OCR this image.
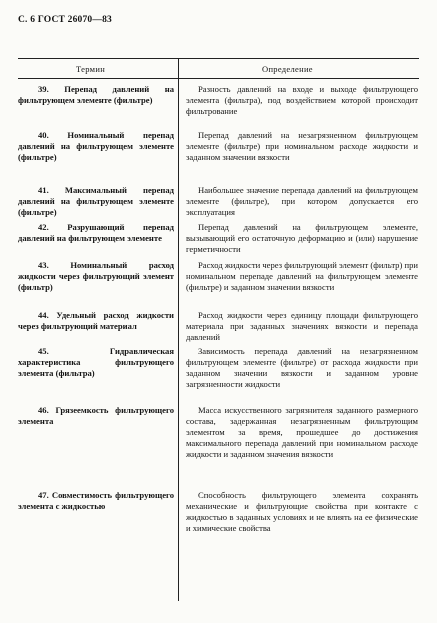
С. 6 ГОСТ 26070—83
Термин	Определение
39. Перепад давлений на фильтрующем элементе (фильтре)
Разность давлений на входе и выходе фильтрующего элемента (фильтра), под воздействием которой происходит фильтрование
40. Номинальный перепад давлений на фильтрующем элементе (фильтре)
Перепад давлений на незагрязненном фильтрующем элементе (фильтре) при номинальном расходе жидкости и заданном значении вязкости
41. Максимальный перепад давлений на фильтрующем элементе (фильтре)
Наибольшее значение перепада давлений на фильтрующем элементе (фильтре), при котором допускается его эксплуатация
42. Разрушающий перепад давлений на фильтрующем элементе
Перепад давлений на фильтрующем элементе, вызывающий его остаточную деформацию и (или) нарушение герметичности
43. Номинальный расход жидкости через фильтрующий элемент (фильтр)
Расход жидкости через фильтрующий элемент (фильтр) при номинальном перепаде давлений на фильтрующем элементе (фильтре) и заданном значении вязкости
44. Удельный расход жидкости через фильтрующий материал
Расход жидкости через единицу площади фильтрующего материала при заданных значениях вязкости и перепада давлений
45. Гидравлическая характеристика фильтрующего элемента (фильтра)
Зависимость перепада давлений на незагрязненном фильтрующем элементе (фильтре) от расхода жидкости при заданном значении вязкости и заданном уровне загрязненности жидкости
46. Грязеемкость фильтрующего элемента
Масса искусственного загрязнителя заданного размерного состава, задержанная незагрязненным фильтрующим элементом за время, прошедшее до достижения максимального перепада давлений при номинальном расходе жидкости и заданном значения вязкости
47. Совместимость фильтрующего элемента с жидкостью
Способность фильтрующего элемента сохранять механические и фильтрующие свойства при контакте с жидкостью в заданных условиях и не влиять на ее физические и химические свойства
